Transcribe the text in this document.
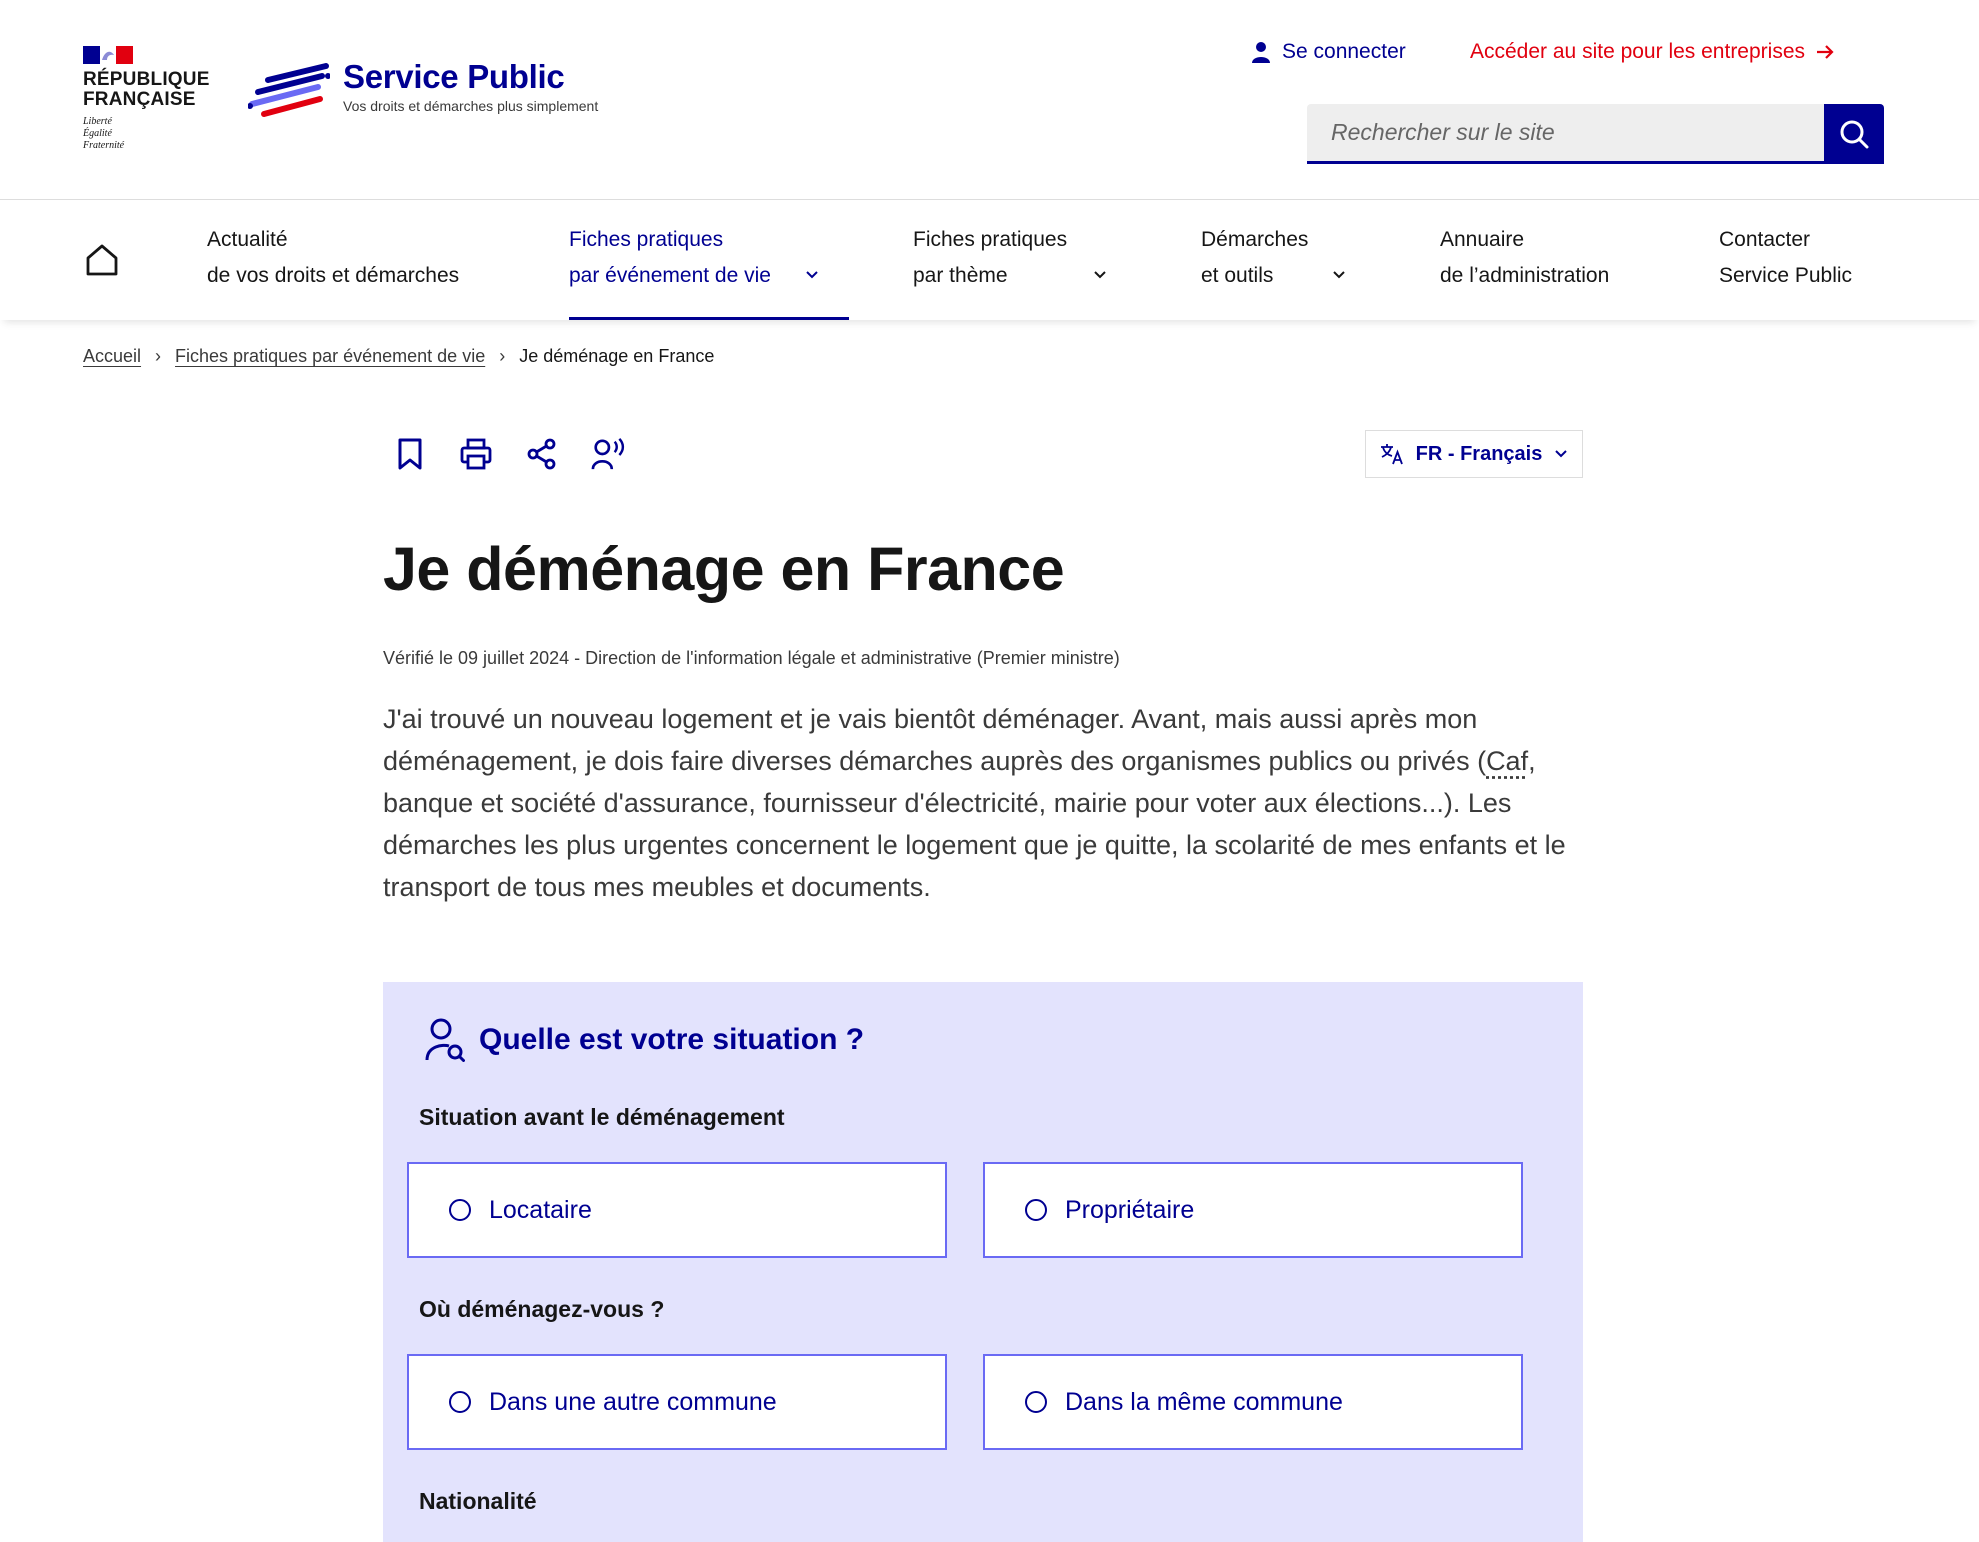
RÉPUBLIQUE
FRANÇAISE
Liberté
Égalité
Fraternité
Service Public
Vos droits et démarches plus simplement
Se connecter	Accéder au site pour les entreprises
Rechercher sur le site
Actualité
de vos droits et démarches
Fiches pratiques
par événement de vie
Fiches pratiques
par thème
Démarches
et outils
Annuaire
de l’administration
Contacter
Service Public
Accueil › Fiches pratiques par événement de vie › Je déménage en France
FR - Français
Je déménage en France
Vérifié le 09 juillet 2024 - Direction de l'information légale et administrative (Premier ministre)

J'ai trouvé un nouveau logement et je vais bientôt déménager. Avant, mais aussi après mon déménagement, je dois faire diverses démarches auprès des organismes publics ou privés (Caf, banque et société d'assurance, fournisseur d'électricité, mairie pour voter aux élections...). Les démarches les plus urgentes concernent le logement que je quitte, la scolarité de mes enfants et le transport de tous mes meubles et documents.

Quelle est votre situation ?
Situation avant le déménagement
Locataire	Propriétaire
Où déménagez-vous ?
Dans une autre commune	Dans la même commune
Nationalité
